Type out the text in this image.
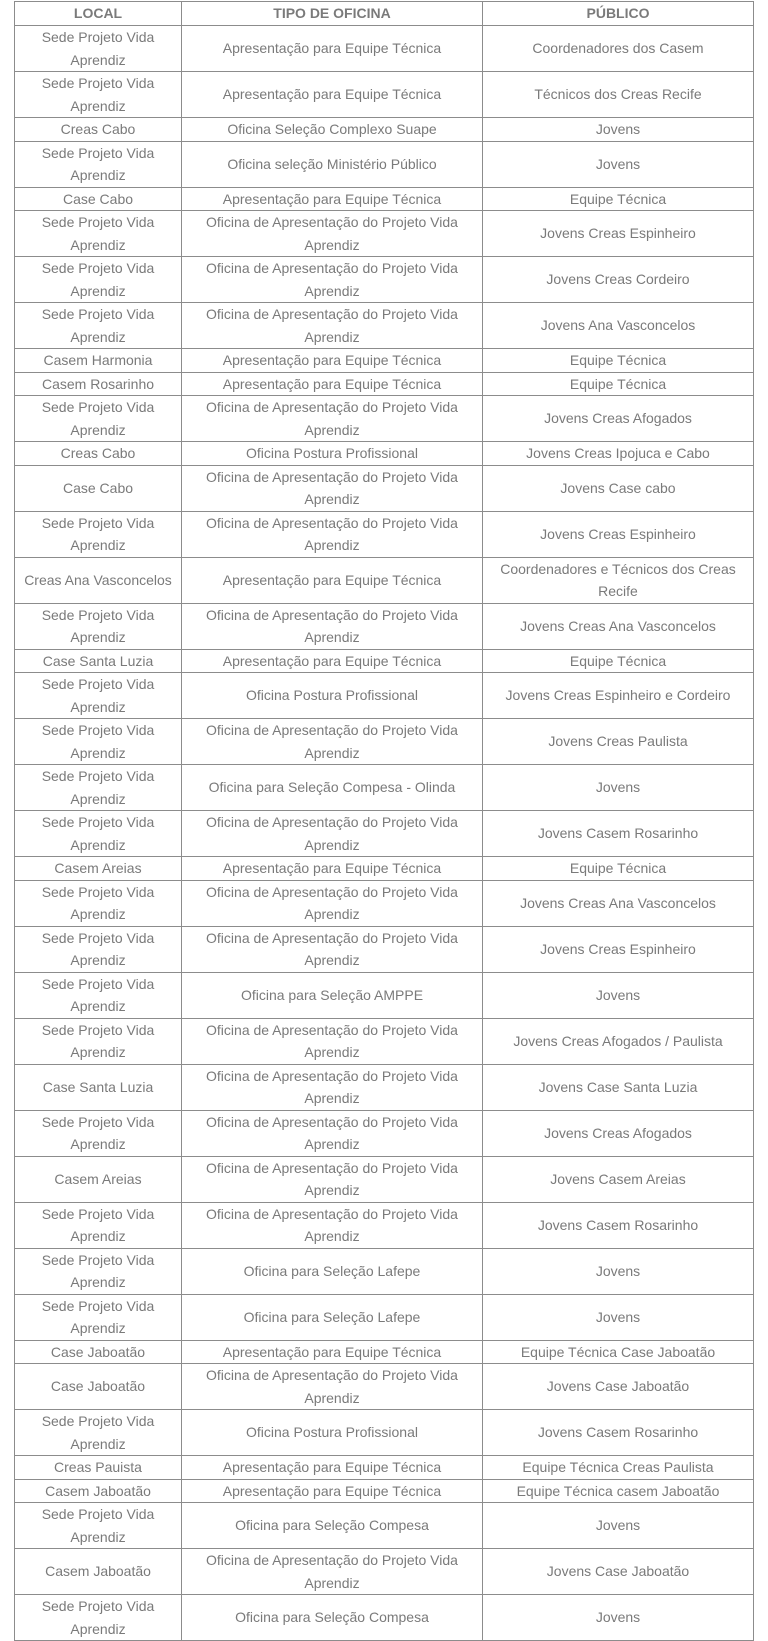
LOCAL	TIPO DE OFICINA	PÚBLICO
Sede Projeto Vida Aprendiz	Apresentação para Equipe Técnica	Coordenadores dos Casem
Sede Projeto Vida Aprendiz	Apresentação para Equipe Técnica	Técnicos dos Creas Recife
Creas Cabo	Oficina Seleção Complexo Suape	Jovens
Sede Projeto Vida Aprendiz	Oficina seleção Ministério Público	Jovens
Case Cabo	Apresentação para Equipe Técnica	Equipe Técnica
Sede Projeto Vida Aprendiz	Oficina de Apresentação do Projeto Vida Aprendiz	Jovens Creas Espinheiro
Sede Projeto Vida Aprendiz	Oficina de Apresentação do Projeto Vida Aprendiz	Jovens Creas Cordeiro
Sede Projeto Vida Aprendiz	Oficina de Apresentação do Projeto Vida Aprendiz	Jovens Ana Vasconcelos
Casem Harmonia	Apresentação para Equipe Técnica	Equipe Técnica
Casem Rosarinho	Apresentação para Equipe Técnica	Equipe Técnica
Sede Projeto Vida Aprendiz	Oficina de Apresentação do Projeto Vida Aprendiz	Jovens Creas Afogados
Creas Cabo	Oficina Postura Profissional	Jovens Creas Ipojuca e Cabo
Case Cabo	Oficina de Apresentação do Projeto Vida Aprendiz	Jovens Case cabo
Sede Projeto Vida Aprendiz	Oficina de Apresentação do Projeto Vida Aprendiz	Jovens Creas Espinheiro
Creas Ana Vasconcelos	Apresentação para Equipe Técnica	Coordenadores e Técnicos dos Creas Recife
Sede Projeto Vida Aprendiz	Oficina de Apresentação do Projeto Vida Aprendiz	Jovens Creas Ana Vasconcelos
Case Santa Luzia	Apresentação para Equipe Técnica	Equipe Técnica
Sede Projeto Vida Aprendiz	Oficina Postura Profissional	Jovens Creas Espinheiro e Cordeiro
Sede Projeto Vida Aprendiz	Oficina de Apresentação do Projeto Vida Aprendiz	Jovens Creas Paulista
Sede Projeto Vida Aprendiz	Oficina para Seleção Compesa - Olinda	Jovens
Sede Projeto Vida Aprendiz	Oficina de Apresentação do Projeto Vida Aprendiz	Jovens Casem Rosarinho
Casem Areias	Apresentação para Equipe Técnica	Equipe Técnica
Sede Projeto Vida Aprendiz	Oficina de Apresentação do Projeto Vida Aprendiz	Jovens Creas Ana Vasconcelos
Sede Projeto Vida Aprendiz	Oficina de Apresentação do Projeto Vida Aprendiz	Jovens Creas Espinheiro
Sede Projeto Vida Aprendiz	Oficina para Seleção AMPPE	Jovens
Sede Projeto Vida Aprendiz	Oficina de Apresentação do Projeto Vida Aprendiz	Jovens Creas Afogados / Paulista
Case Santa Luzia	Oficina de Apresentação do Projeto Vida Aprendiz	Jovens Case Santa Luzia
Sede Projeto Vida Aprendiz	Oficina de Apresentação do Projeto Vida Aprendiz	Jovens Creas Afogados
Casem Areias	Oficina de Apresentação do Projeto Vida Aprendiz	Jovens Casem Areias
Sede Projeto Vida Aprendiz	Oficina de Apresentação do Projeto Vida Aprendiz	Jovens Casem Rosarinho
Sede Projeto Vida Aprendiz	Oficina para Seleção Lafepe	Jovens
Sede Projeto Vida Aprendiz	Oficina para Seleção Lafepe	Jovens
Case Jaboatão	Apresentação para Equipe Técnica	Equipe Técnica Case Jaboatão
Case Jaboatão	Oficina de Apresentação do Projeto Vida Aprendiz	Jovens Case Jaboatão
Sede Projeto Vida Aprendiz	Oficina Postura Profissional	Jovens Casem Rosarinho
Creas Pauista	Apresentação para Equipe Técnica	Equipe Técnica Creas Paulista
Casem Jaboatão	Apresentação para Equipe Técnica	Equipe Técnica casem Jaboatão
Sede Projeto Vida Aprendiz	Oficina para Seleção Compesa	Jovens
Casem Jaboatão	Oficina de Apresentação do Projeto Vida Aprendiz	Jovens Case Jaboatão
Sede Projeto Vida Aprendiz	Oficina para Seleção Compesa	Jovens
